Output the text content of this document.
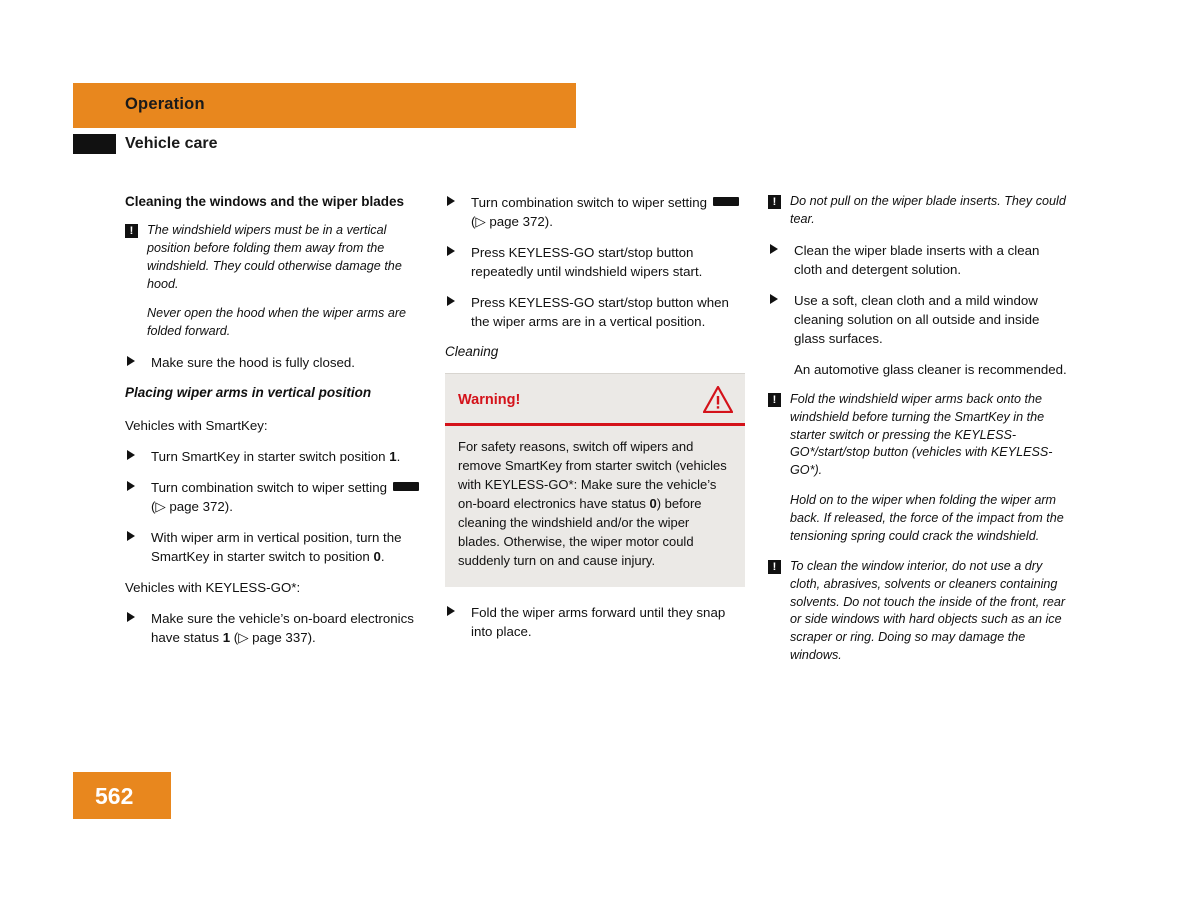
Operation
Vehicle care
Cleaning the windows and the wiper blades
!	The windshield wipers must be in a vertical position before folding them away from the windshield. They could otherwise damage the hood.
Never open the hood when the wiper arms are folded forward.
Make sure the hood is fully closed.
Placing wiper arms in vertical position

Vehicles with SmartKey:

Turn SmartKey in starter switch position 1.
Turn combination switch to wiper setting  (▷ page 372).
With wiper arm in vertical position, turn the SmartKey in starter switch to position 0.

Vehicles with KEYLESS-GO*:

Make sure the vehicle’s on-board electronics have status 1 (▷ page 337).
Turn combination switch to wiper setting  (▷ page 372).
Press KEYLESS-GO start/stop button repeatedly until windshield wipers start.
Press KEYLESS-GO start/stop button when the wiper arms are in a vertical position.
Cleaning
Warning!
For safety reasons, switch off wipers and remove SmartKey from starter switch (vehicles with KEYLESS-GO*: Make sure the vehicle’s on-board electronics have status 0) before cleaning the windshield and/or the wiper blades. Otherwise, the wiper motor could suddenly turn on and cause injury.
Fold the wiper arms forward until they snap into place.
!	Do not pull on the wiper blade inserts. They could tear.
Clean the wiper blade inserts with a clean cloth and detergent solution.
Use a soft, clean cloth and a mild window cleaning solution on all outside and inside glass surfaces.
An automotive glass cleaner is recommended.
!	Fold the windshield wiper arms back onto the windshield before turning the SmartKey in the starter switch or pressing the KEYLESS-GO*/start/stop button (vehicles with KEYLESS-GO*).
Hold on to the wiper when folding the wiper arm back. If released, the force of the impact from the tensioning spring could crack the windshield.
!	To clean the window interior, do not use a dry cloth, abrasives, solvents or cleaners containing solvents. Do not touch the inside of the front, rear or side windows with hard objects such as an ice scraper or ring. Doing so may damage the windows.
562
